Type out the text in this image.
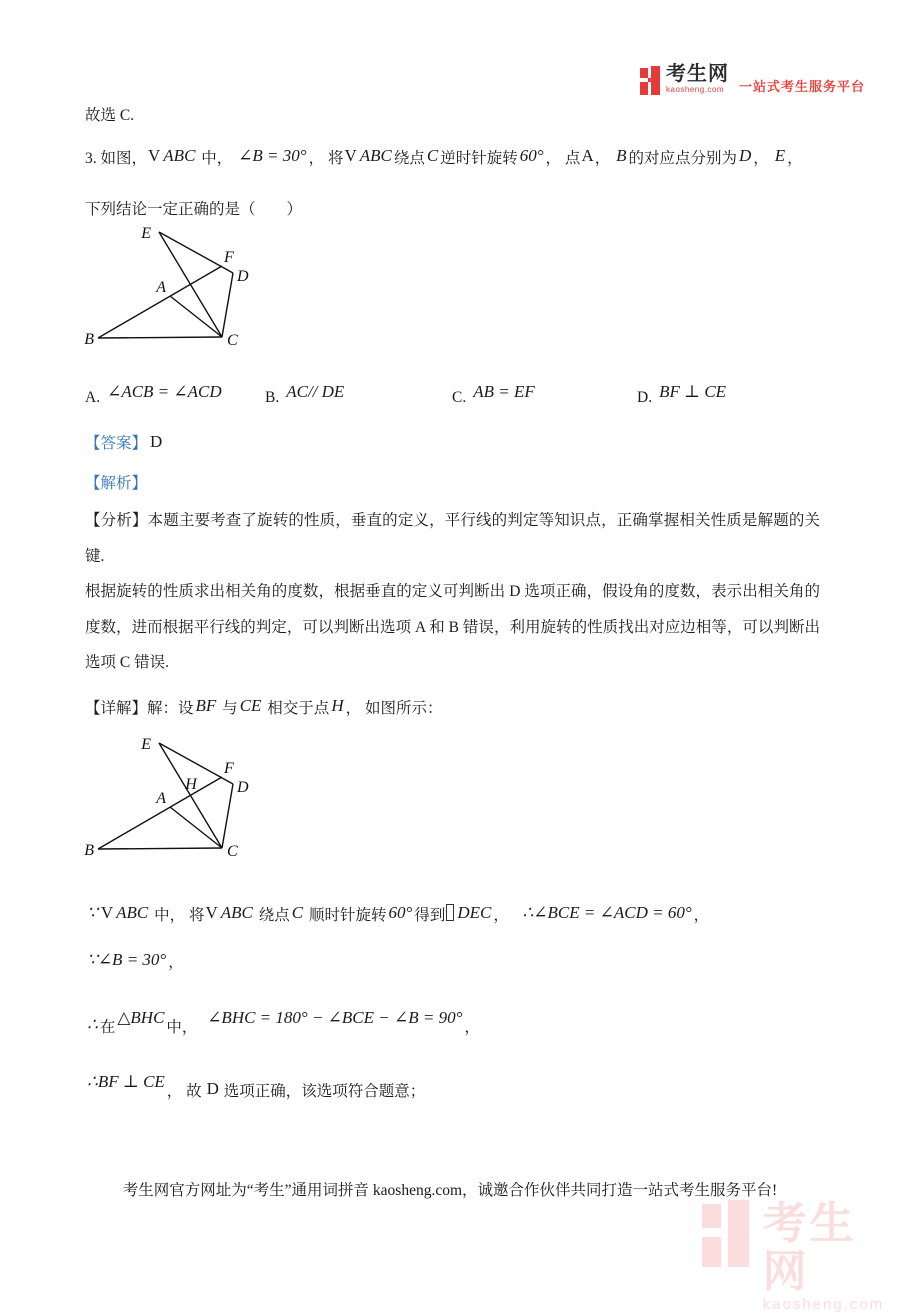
考生网
kaosheng.com	一站式考生服务平台
故选 C.
3. 如图，V ABC 中， ∠B = 30° ， 将V ABC 绕点 C 逆时针旋转 60° ， 点A， B 的对应点分别为 D ， E ，
下列结论一定正确的是（　　）
E
F
D
A
B	C
A. ∠ACB = ∠ACD	B. AC// DE	C. AB = EF	D. BF ⊥ CE
【答案】 D
【解析】

【分析】本题主要考查了旋转的性质，垂直的定义，平行线的判定等知识点，正确掌握相关性质是解题的关键.

根据旋转的性质求出相关角的度数，根据垂直的定义可判断出 D 选项正确，假设角的度数，表示出相关角的度数，进而根据平行线的判定，可以判断出选项 A 和 B 错误，利用旋转的性质找出对应边相等，可以判断出选项 C 错误.

【详解】解：设 BF 与 CE 相交于点 H ， 如图所示：
E
F
H	D
A
B	C
∵ V ABC 中， 将V ABC 绕点 C 顺时针旋转 60° 得到 DEC ，　 ∴∠BCE = ∠ACD = 60° ，
∵∠B = 30° ，
∴ 在△BHC中，　∠BHC = 180° − ∠BCE − ∠B = 90°，
∴BF ⊥ CE， 故 D 选项正确，该选项符合题意；
考生网官方网址为“考生”通用词拼音 kaosheng.com，诚邀合作伙伴共同打造一站式考生服务平台!
考生网
kaosheng.com
